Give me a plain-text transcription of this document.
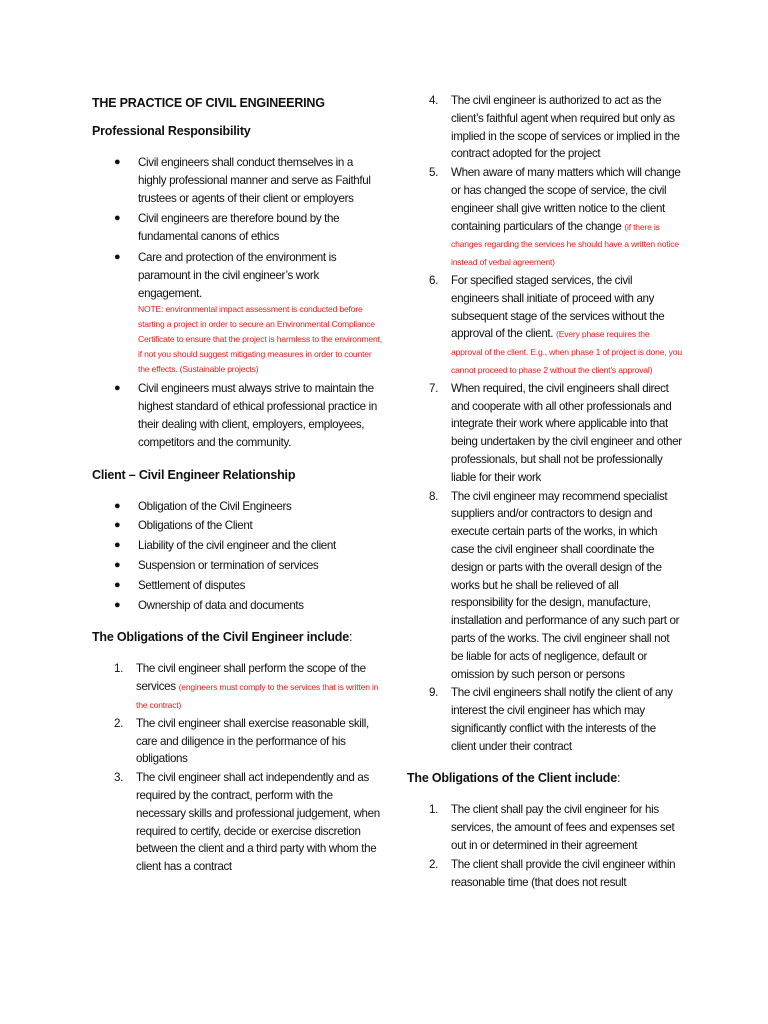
THE PRACTICE OF CIVIL ENGINEERING
Professional Responsibility
● Civil engineers shall conduct themselves in a highly professional manner and serve as Faithful trustees or agents of their client or employers
● Civil engineers are therefore bound by the fundamental canons of ethics
● Care and protection of the environment is paramount in the civil engineer’s work engagement.
NOTE: environmental impact assessment is conducted before starting a project in order to secure an Environmental Compliance Certificate to ensure that the project is harmless to the environment, if not you should suggest mitigating measures in order to counter the effects. (Sustainable projects)
● Civil engineers must always strive to maintain the highest standard of ethical professional practice in their dealing with client, employers, employees, competitors and the community.
Client – Civil Engineer Relationship
● Obligation of the Civil Engineers
● Obligations of the Client
● Liability of the civil engineer and the client
● Suspension or termination of services
● Settlement of disputes
● Ownership of data and documents
The Obligations of the Civil Engineer include:
1.	The civil engineer shall perform the scope of the services (engineers must comply to the services that is written in the contract)
2.	The civil engineer shall exercise reasonable skill, care and diligence in the performance of his obligations
3.	The civil engineer shall act independently and as required by the contract, perform with the necessary skills and professional judgement, when required to certify, decide or exercise discretion between the client and a third party with whom the client has a contract
4.	The civil engineer is authorized to act as the client’s faithful agent when required but only as implied in the scope of services or implied in the contract adopted for the project
5.	When aware of many matters which will change or has changed the scope of service, the civil engineer shall give written notice to the client containing particulars of the change (if there is changes regarding the services he should have a written notice instead of verbal agreement)
6.	For specified staged services, the civil engineers shall initiate of proceed with any subsequent stage of the services without the approval of the client. (Every phase requires the approval of the client. E.g., when phase 1 of project is done, you cannot proceed to phase 2 without the client’s approval)
7.	When required, the civil engineers shall direct and cooperate with all other professionals and integrate their work where applicable into that being undertaken by the civil engineer and other professionals, but shall not be professionally liable for their work
8.	The civil engineer may recommend specialist suppliers and/or contractors to design and execute certain parts of the works, in which case the civil engineer shall coordinate the design or parts with the overall design of the works but he shall be relieved of all responsibility for the design, manufacture, installation and performance of any such part or parts of the works. The civil engineer shall not be liable for acts of negligence, default or omission by such person or persons
9.	The civil engineers shall notify the client of any interest the civil engineer has which may significantly conflict with the interests of the client under their contract
The Obligations of the Client include:
1.	The client shall pay the civil engineer for his services, the amount of fees and expenses set out in or determined in their agreement
2.	The client shall provide the civil engineer within reasonable time (that does not result
